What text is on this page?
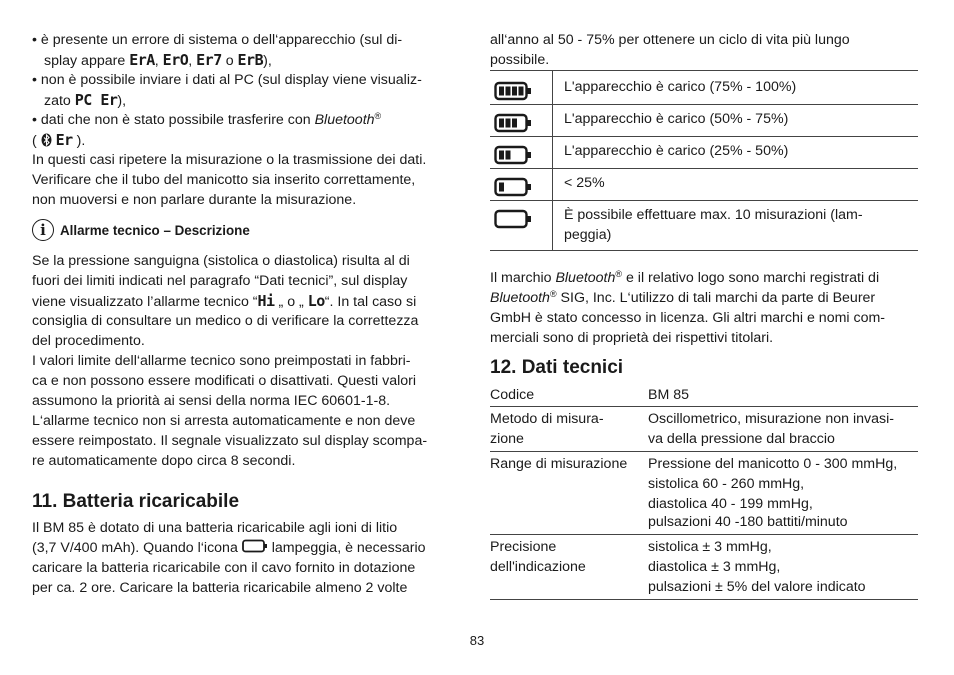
• è presente un errore di sistema o dell‘apparecchio (sul di-
splay appare ErA, ErO, Er7 o ErB),
• non è possibile inviare i dati al PC (sul display viene visualiz-
zato PC Er),
• dati che non è stato possibile trasferire con Bluetooth®
(  Er ).
In questi casi ripetere la misurazione o la trasmissione dei dati.
Verificare che il tubo del manicotto sia inserito correttamente,
non muoversi e non parlare durante la misurazione.
i	Allarme tecnico – Descrizione
Se la pressione sanguigna (sistolica o diastolica) risulta al di
fuori dei limiti indicati nel paragrafo “Dati tecnici”, sul display
viene visualizzato l’allarme tecnico “Hi „ o „ Lo“. In tal caso si
consiglia di consultare un medico o di verificare la correttezza
del procedimento.
I valori limite dell‘allarme tecnico sono preimpostati in fabbri-
ca e non possono essere modificati o disattivati. Questi valori
assumono la priorità ai sensi della norma IEC 60601-1-8.
L‘allarme tecnico non si arresta automaticamente e non deve
essere reimpostato. Il segnale visualizzato sul display scompa-
re automaticamente dopo circa 8 secondi.
11. Batteria ricaricabile
Il BM 85 è dotato di una batteria ricaricabile agli ioni di litio
(3,7 V/400 mAh). Quando l‘icona  lampeggia, è necessario
caricare la batteria ricaricabile con il cavo fornito in dotazione
per ca. 2 ore. Caricare la batteria ricaricabile almeno 2 volte
all‘anno al 50 - 75% per ottenere un ciclo di vita più lungo
possibile.
L'apparecchio è carico (75% - 100%)
L'apparecchio è carico (50% - 75%)
L'apparecchio è carico (25% - 50%)
< 25%
È possibile effettuare max. 10 misurazioni (lam-
peggia)
Il marchio Bluetooth® e il relativo logo sono marchi registrati di
Bluetooth® SIG, Inc. L‘utilizzo di tali marchi da parte di Beurer
GmbH è stato concesso in licenza. Gli altri marchi e nomi com-
merciali sono di proprietà dei rispettivi titolari.
12. Dati tecnici
Codice	BM 85
Metodo di misura-
zione
Oscillometrico, misurazione non invasi-
va della pressione dal braccio
Range di misurazione Pressione del manicotto 0 - 300 mmHg,
sistolica 60 - 260 mmHg,
diastolica 40 - 199 mmHg,
pulsazioni 40 -180 battiti/minuto
Precisione
dell'indicazione
sistolica ± 3 mmHg,
diastolica ± 3 mmHg,
pulsazioni ± 5% del valore indicato
83
